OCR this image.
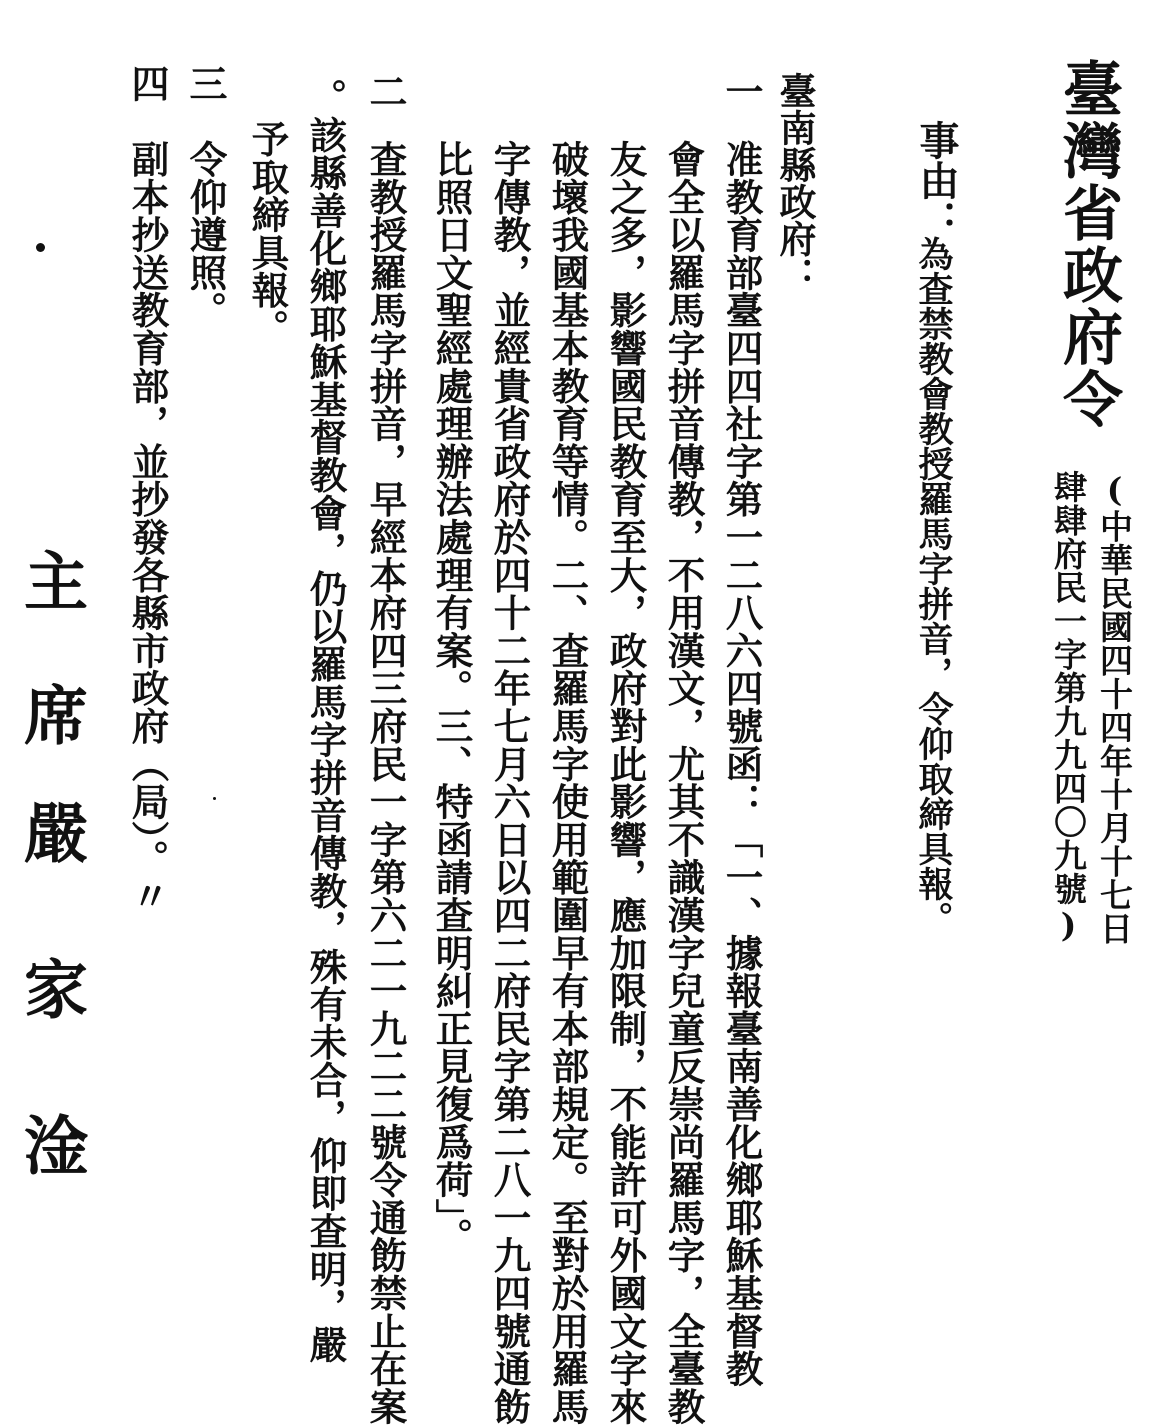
臺灣省政府令
(中華民國四十四年十月十七日
肆肆府民一字第九九四〇九號)
事由：
為查禁教會教授羅馬字拼音，令仰取締具報。
臺南縣政府：
一
准教育部臺四四社字第一二八六四號函：「一、據報臺南善化鄉耶穌基督教
會全以羅馬字拼音傳教，不用漢文，尤其不識漢字兒童反崇尚羅馬字，全臺教
友之多，影響國民教育至大，政府對此影響，應加限制，不能許可外國文字來
破壞我國基本教育等情。二、查羅馬字使用範圍早有本部規定。至對於用羅馬
字傳教，並經貴省政府於四十二年七月六日以四二府民字第二八一九四號通飭
比照日文聖經處理辦法處理有案。三、特函請查明糾正見復爲荷」。
二
查教授羅馬字拼音，早經本府四三府民一字第六二一九二二號令通飭禁止在案
。該縣善化鄉耶穌基督教會，仍以羅馬字拼音傳教，殊有未合，仰即查明，嚴
予取締具報。
三
令仰遵照。
四
副本抄送教育部，並抄發各縣市政府（局）。〃
主席
嚴家淦
